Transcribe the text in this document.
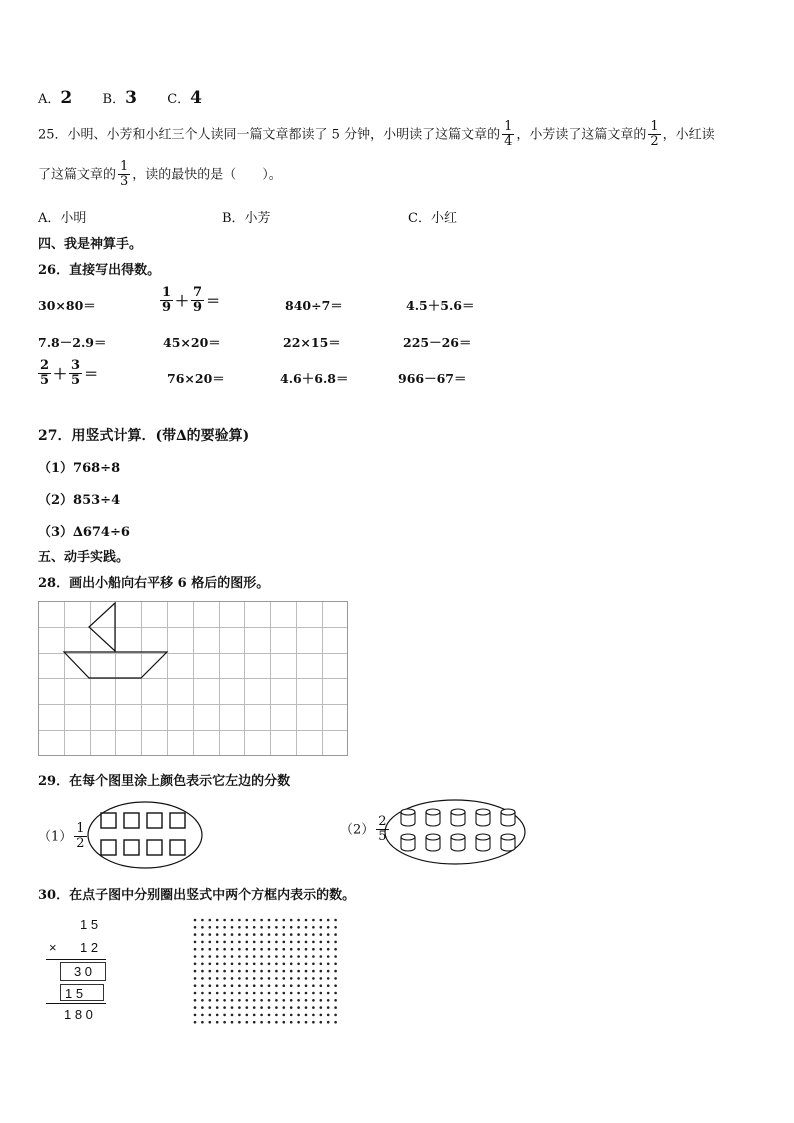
A．2 B．3 C．4
25．小明、小芳和小红三个人读同一篇文章都读了 5 分钟，小明读了这篇文章的 $\frac{1}{4}$ ，小芳读了这篇文章的 $\frac{1}{2}$ ，小红读
了这篇文章的 $\frac{1}{3}$ ，读的最快的是（　　）。
A．小明	B．小芳	C．小红
四、我是神算手。
26．直接写出得数。
30×80＝	$\frac{1}{9} + \frac{7}{9}$ ＝	840÷7＝	4.5＋5.6＝
7.8－2.9＝	45×20＝	22×15＝	225－26＝
$\frac{2}{5} + \frac{3}{5}$ ＝	76×20＝	4.6＋6.8＝	966－67＝
27．用竖式计算．(带∆的要验算)
（1）768÷8
（2）853÷4
（3）∆674÷6
五、动手实践。
28．画出小船向右平移 6 格后的图形。
29．在每个图里涂上颜色表示它左边的分数
$(1) \frac{1}{2}$	$(2) \frac{2}{5}$
30．在点子图中分别圈出竖式中两个方框内表示的数。
1 5
× 1 2
3 0
1 5
1 8 0
